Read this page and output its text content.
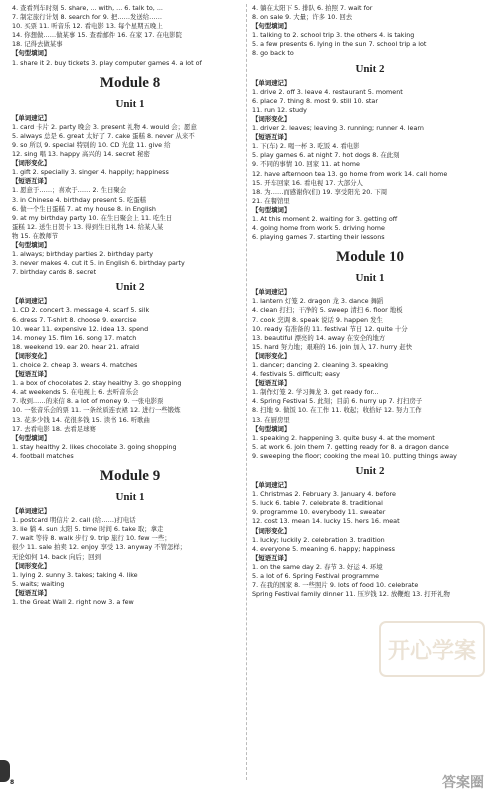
4. 查看列车时刻 5. share, ... with, ... 6. talk to, ...
7. 制定旅行计划 8. search for 9. 把……发送给……
10. 买票 11. 听音乐 12. 看电影 13. 每个星期五晚上
14. 你想做……做某事 15. 查看邮件 16. 在家 17. 在电影院
18. 记得去做某事
【句型填词】
1. share it 2. buy tickets 3. play computer games 4. a lot of
Module 8
Unit 1
【单词速记】
1. card 卡片 2. party 晚会 3. present 礼物 4. would 会；愿意
5. always 总是 6. great 太好了 7. cake 蛋糕 8. never 从来不
9. so 所以 9. special 特别的 10. CD 光盘 11. give 给
12. sing 唱 13. happy 高兴的 14. secret 秘密
【词形变化】
1. gift 2. specially 3. singer 4. happily; happiness
【短语互译】
1. 愿意于……；喜欢于…… 2. 生日聚会
3. in Chinese 4. birthday present 5. 吃蛋糕
6. 做一个生日蛋糕 7. at my house 8. in English
9. at my birthday party 10. 在生日聚会上 11. 吃生日
蛋糕 12. 送生日贺卡 13. 得到生日礼物 14. 给某人某
物 15. 在教师节
【句型填词】
1. always; birthday parties 2. birthday party
3. never makes 4. cut it 5. in English 6. birthday party
7. birthday cards 8. secret
Unit 2
【单词速记】
1. CD 2. concert 3. message 4. scarf 5. silk
6. dress 7. T-shirt 8. choose 9. exercise
10. wear 11. expensive 12. idea 13. spend
14. money 15. film 16. song 17. match
18. weekend 19. ear 20. hear 21. afraid
【词形变化】
1. choice 2. cheap 3. wears 4. matches
【短语互译】
1. a box of chocolates 2. stay healthy 3. go shopping
4. at weekends 5. 在电视上 6. 去听音乐会
7. 收到……的来信 8. a lot of money 9. 一张电影票
10. 一张音乐会的票 11. 一条丝质连衣裙 12. 进行一些锻炼
13. 花多少钱 14. 花很多钱 15. 读书 16. 听歌曲
17. 去看电影 18. 去看足球赛
【句型填词】
1. stay healthy 2. likes chocolate 3. going shopping
4. football matches
Module 9
Unit 1
【单词速记】
1. postcard 明信片 2. call (给……)打电话
3. lie 躺 4. sun 太阳 5. time 时间 6. take 取；拿走
7. wait 等待 8. walk 步行 9. trip 旅行 10. few 一些；
很少 11. sale 拍卖 12. enjoy 享受 13. anyway 不管怎样；
无论如何 14. back 向后；回到
【词形变化】
1. lying 2. sunny 3. takes; taking 4. like
5. waits; waiting
【短语互译】
1. the Great Wall 2. right now 3. a few
4. 躺在太阳下 5. 排队 6. 拍照 7. wait for
8. on sale 9. 大量；许多 10. 回去
【句型填词】
1. talking to 2. school trip 3. the others 4. is taking
5. a few presents 6. lying in the sun 7. school trip a lot
8. go back to
Unit 2
【单词速记】
1. drive 2. off 3. leave 4. restaurant 5. moment
6. place 7. thing 8. most 9. still 10. star
11. run 12. study
【词形变化】
1. driver 2. leaves; leaving 3. running; runner 4. learn
【短语互译】
1. 下(车) 2. 喝一杯 3. 吃饭 4. 看电影
5. play games 6. at night 7. hot dogs 8. 在此刻
9. 不同的事情 10. 回家 11. at home
12. have afternoon tea 13. go home from work 14. call home
15. 开车回家 16. 看电视 17. 大部分人
18. 为……而感谢你(们) 19. 享受阳光 20. 下周
21. 在餐馆里
【句型填词】
1. At this moment 2. waiting for 3. getting off
4. going home from work 5. driving home
6. playing games 7. starting their lessons
Module 10
Unit 1
【单词速记】
1. lantern 灯笼 2. dragon 龙 3. dance 舞蹈
4. clean 打扫；干净的 5. sweep 清扫 6. floor 地板
7. cook 烹调 8. speak 说话 9. happen 发生
10. ready 有准备的 11. festival 节日 12. quite 十分
13. beautiful 漂亮的 14. away 在安全的地方
15. hard 努力地；艰难的 16. join 加入 17. hurry 赶快
【词形变化】
1. dancer; dancing 2. cleaning 3. speaking
4. festivals 5. difficult; easy
【短语互译】
1. 制作灯笼 2. 学习舞龙 3. get ready for...
4. Spring Festival 5. 此刻；目前 6. hurry up 7. 打扫房子
8. 扫地 9. 做饭 10. 在工作 11. 收起；收拾好 12. 努力工作
13. 在厨房里
【句型填词】
1. speaking 2. happening 3. quite busy 4. at the moment
5. at work 6. join them 7. getting ready for 8. a dragon dance
9. sweeping the floor; cooking the meal 10. putting things away
Unit 2
【单词速记】
1. Christmas 2. February 3. January 4. before
5. luck 6. table 7. celebrate 8. traditional
9. programme 10. everybody 11. sweater
12. cost 13. mean 14. lucky 15. hers 16. meat
【词形变化】
1. lucky; luckily 2. celebration 3. tradition
4. everyone 5. meaning 6. happy; happiness
【短语互译】
1. on the same day 2. 春节 3. 好运 4. 环境
5. a lot of 6. Spring Festival programme
7. 在我的国家 8. 一些照片 9. lots of food 10. celebrate
Spring Festival family dinner 11. 压岁钱 12. 放鞭炮 13. 打开礼物
开心学案
8	答案圈
